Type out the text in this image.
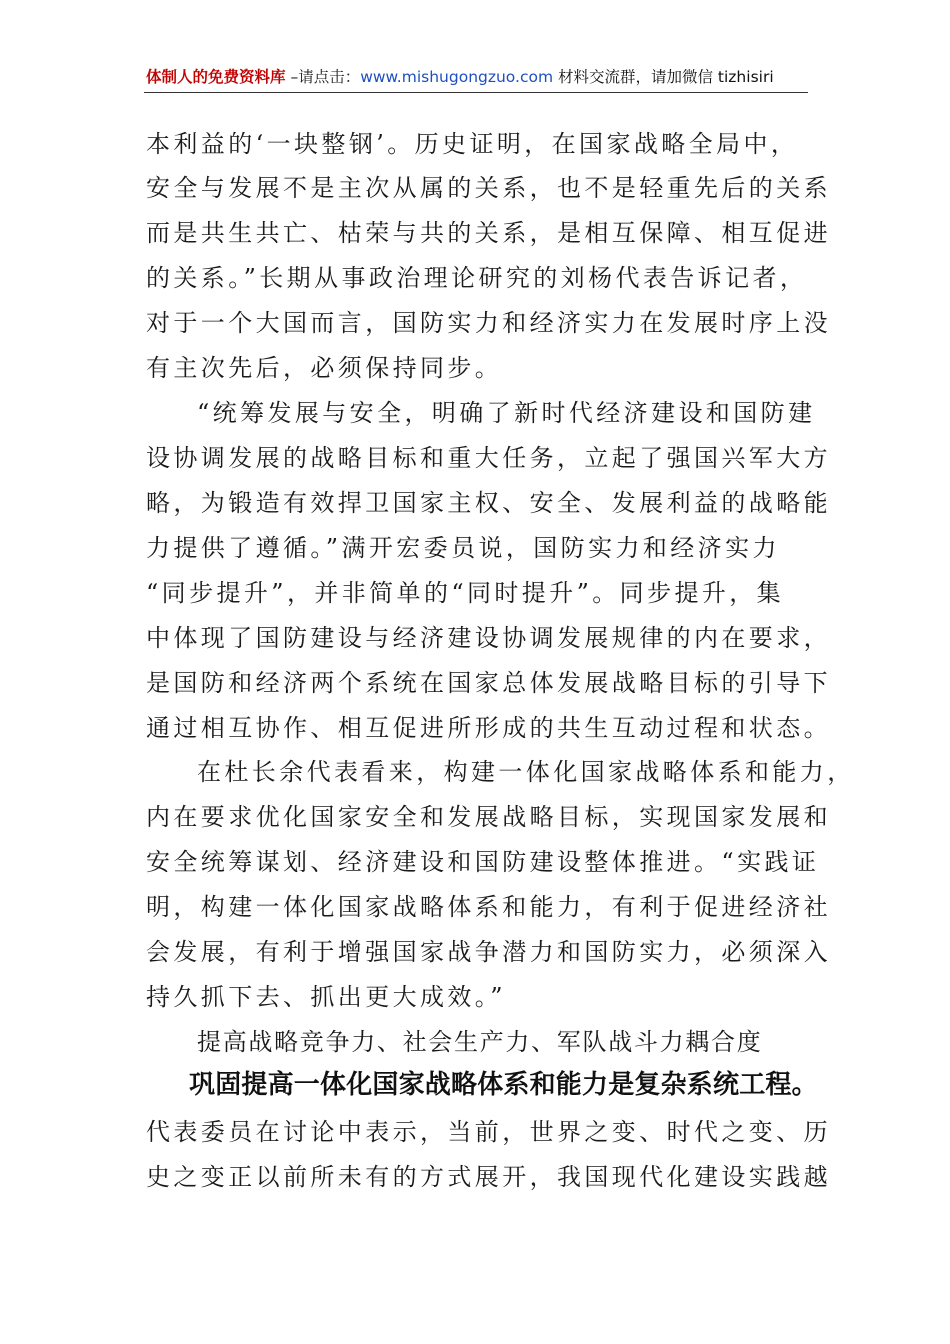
体制人的免费资料库 –请点击：www.mishugongzuo.com 材料交流群，请加微信 tizhisiri
本利益的‘一块整钢’。历史证明，在国家战略全局中，
安全与发展不是主次从属的关系，也不是轻重先后的关系
而是共生共亡、枯荣与共的关系，是相互保障、相互促进
的关系。”长期从事政治理论研究的刘杨代表告诉记者，
对于一个大国而言，国防实力和经济实力在发展时序上没
有主次先后，必须保持同步。
“统筹发展与安全，明确了新时代经济建设和国防建
设协调发展的战略目标和重大任务，立起了强国兴军大方
略，为锻造有效捍卫国家主权、安全、发展利益的战略能
力提供了遵循。”满开宏委员说，国防实力和经济实力
“同步提升”，并非简单的“同时提升”。同步提升，集
中体现了国防建设与经济建设协调发展规律的内在要求，
是国防和经济两个系统在国家总体发展战略目标的引导下
通过相互协作、相互促进所形成的共生互动过程和状态。
在杜长余代表看来，构建一体化国家战略体系和能力，
内在要求优化国家安全和发展战略目标，实现国家发展和
安全统筹谋划、经济建设和国防建设整体推进。“实践证
明，构建一体化国家战略体系和能力，有利于促进经济社
会发展，有利于增强国家战争潜力和国防实力，必须深入
持久抓下去、抓出更大成效。”
提高战略竞争力、社会生产力、军队战斗力耦合度
巩固提高一体化国家战略体系和能力是复杂系统工程。
代表委员在讨论中表示，当前，世界之变、时代之变、历
史之变正以前所未有的方式展开，我国现代化建设实践越
